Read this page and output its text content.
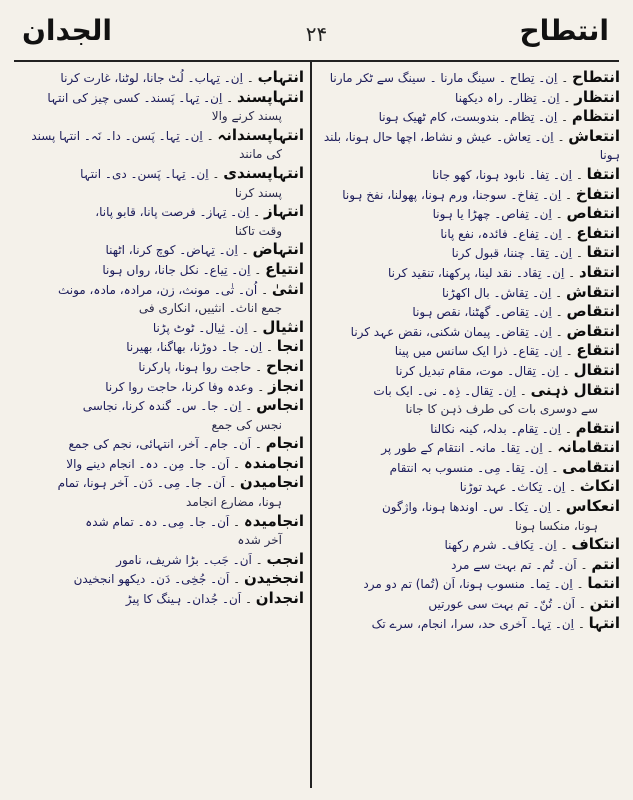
الجدان	۲۴	انتطاح

انتطاح ۔ اِن۔ تِطاح ۔ سینگ مارنا ۔ سینگ سے ٹکر مارنا

انتظار ۔ اِن۔ تِظار۔ راہ دیکھنا

انتظام ۔ اِن۔ تِظام۔ بندوبست، کام ٹھیک ہونا

انتعاش ۔ اِن۔ تِعاش۔ عیش و نشاط، اچھا حال ہونا، بلند ہونا

انتفا ۔ اِن۔ تِفا۔ نابود ہونا، کھو جانا

انتفاخ ۔ اِن۔ تِفاخ۔ سوجنا، ورم ہونا، پھولنا، نفخ ہونا

انتفاص ۔ اِن۔ تِفاص۔ چھڑا یا ہونا

انتفاع ۔ اِن۔ تِفاع۔ فائدہ، نفع پانا

انتقا ۔ اِن۔ تِقا۔ چننا، قبول کرنا

انتقاد ۔ اِن۔ تِقاد۔ نقد لینا، پرکھنا، تنقید کرنا

انتقاش ۔ اِن۔ تِقاش۔ بال اکھڑنا

انتقاص ۔ اِن۔ تِقاص۔ گھٹنا، نقص ہونا

انتقاض ۔ اِن۔ تِقاض۔ پیمان شکنی، نقض عہد کرنا

انتقاع ۔ اِن۔ تِقاع۔ ذرا ایک سانس میں پینا

انتقال ۔ اِن۔ تِقال۔ موت، مقام تبدیل کرنا

انتقال ذہنی ۔ اِن۔ تِقال۔ ذِہ۔ نی۔ ایک بات

سے دوسری بات کی طرف ذہن کا جانا

انتقام ۔ اِن۔ تِقام۔ بدلہ، کینہ نکالنا

انتقامانہ ۔ اِن۔ تِقا۔ مانہ۔ انتقام کے طور پر

انتقامی ۔ اِن۔ تِقا۔ مِی۔ منسوب بہ انتقام

انکاث ۔ اِن۔ تِکاث۔ عہد توڑنا

انعکاس ۔ اِن۔ تِکا۔ س۔ اوندھا ہونا، واژگون

ہونا، منکسا ہونا

انتکاف ۔ اِن۔ تِکاف۔ شرم رکھنا

انتم ۔ اَن۔ تُم۔ تم بہت سے مرد

انتما ۔ اِن۔ تِما۔ منسوب ہونا، اَن (تُما) تم دو مرد

انتن ۔ اَن۔ تُنّ۔ تم بہت سی عورتیں

انتہا ۔ اِن۔ تِہا۔ آخری حد، سرا، انجام، سرے تک

انتہاب ۔ اِن۔ تِہاب۔ لُٹ جانا، لوٹنا، غارت کرنا

انتہاپسند ۔ اِن۔ تِہا۔ پَسند۔ کسی چیز کی انتہا

پسند کرنے والا

انتہاپسندانہ ۔ اِن۔ تِہا۔ پَسن۔ دا۔ نَہ۔ انتہا پسند

کی مانند

انتہاپسندی ۔ اِن۔ تِہا۔ پَسن۔ دی۔ انتہا

پسند کرنا

انتہاز ۔ اِن۔ تِہاز۔ فرصت پانا، قابو پانا،

وقت تاکنا

انتہاض ۔ اِن۔ تِہاض۔ کوچ کرنا، اٹھنا

انتیاع ۔ اِن۔ تِیاع۔ نکل جانا، رواں ہونا

انثیٰ ۔ اُن۔ ثٰی۔ مونث، زن، مرادہ، مادہ، مونث

جمع اناث۔ انثییں، انکاری فی

انثیال ۔ اِن۔ ثِیال۔ ٹوٹ پڑنا

انجا ۔ اِن۔ جا۔ دوڑنا، بھاگنا، بھیرنا

انجاح ۔ حاجت روا ہونا، پارکرنا

انجاز ۔ وعدہ وفا کرنا، حاجت روا کرنا

انجاس ۔ اِن۔ جا۔ س۔ گندہ کرنا، نجاسی

نجس کی جمع

انجام ۔ اَن۔ جام۔ آخر، انتہائی، نجم کی جمع

انجامندہ ۔ اَن۔ جا۔ مِن۔ دہ۔ انجام دینے والا

انجامیدن ۔ اَن۔ جا۔ مِی۔ دَن۔ آخر ہونا، تمام

ہونا، مضارع انجامد

انجامیدہ ۔ اَن۔ جا۔ مِی۔ دہ۔ تمام شدہ

آخر شدہ

انجب ۔ اَن۔ جَب۔ بڑا شریف، نامور

انجخیدن ۔ اَن۔ جُخِی۔ دَن۔ دیکھو انجخیدن

انجدان ۔ اَن۔ جُدان۔ ہینگ کا پیڑ
